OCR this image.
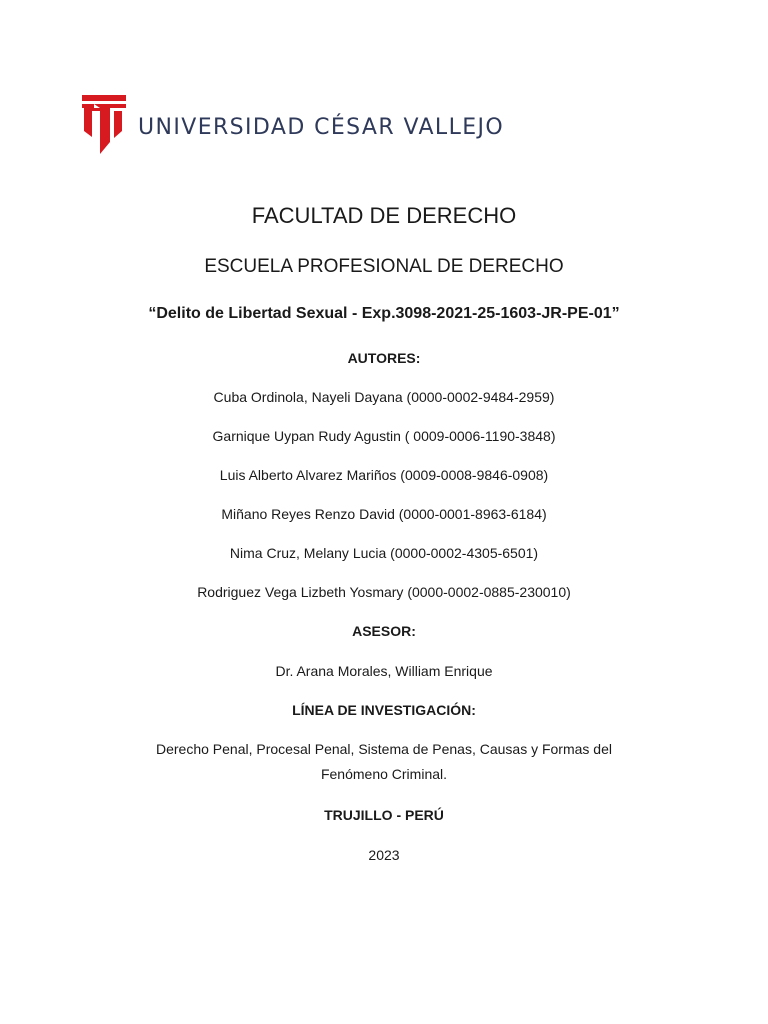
UNIVERSIDAD CÉSAR VALLEJO
FACULTAD DE DERECHO
ESCUELA PROFESIONAL DE DERECHO
“Delito de Libertad Sexual - Exp.3098-2021-25-1603-JR-PE-01”
AUTORES:
Cuba Ordinola, Nayeli Dayana (0000-0002-9484-2959)
Garnique Uypan Rudy Agustin ( 0009-0006-1190-3848)
Luis Alberto Alvarez Mariños (0009-0008-9846-0908)
Miñano Reyes Renzo David (0000-0001-8963-6184)
Nima Cruz, Melany Lucia (0000-0002-4305-6501)
Rodriguez Vega Lizbeth Yosmary (0000-0002-0885-230010)
ASESOR:
Dr. Arana Morales, William Enrique
LÍNEA DE INVESTIGACIÓN:
Derecho Penal, Procesal Penal, Sistema de Penas, Causas y Formas del
Fenómeno Criminal.
TRUJILLO - PERÚ
2023
